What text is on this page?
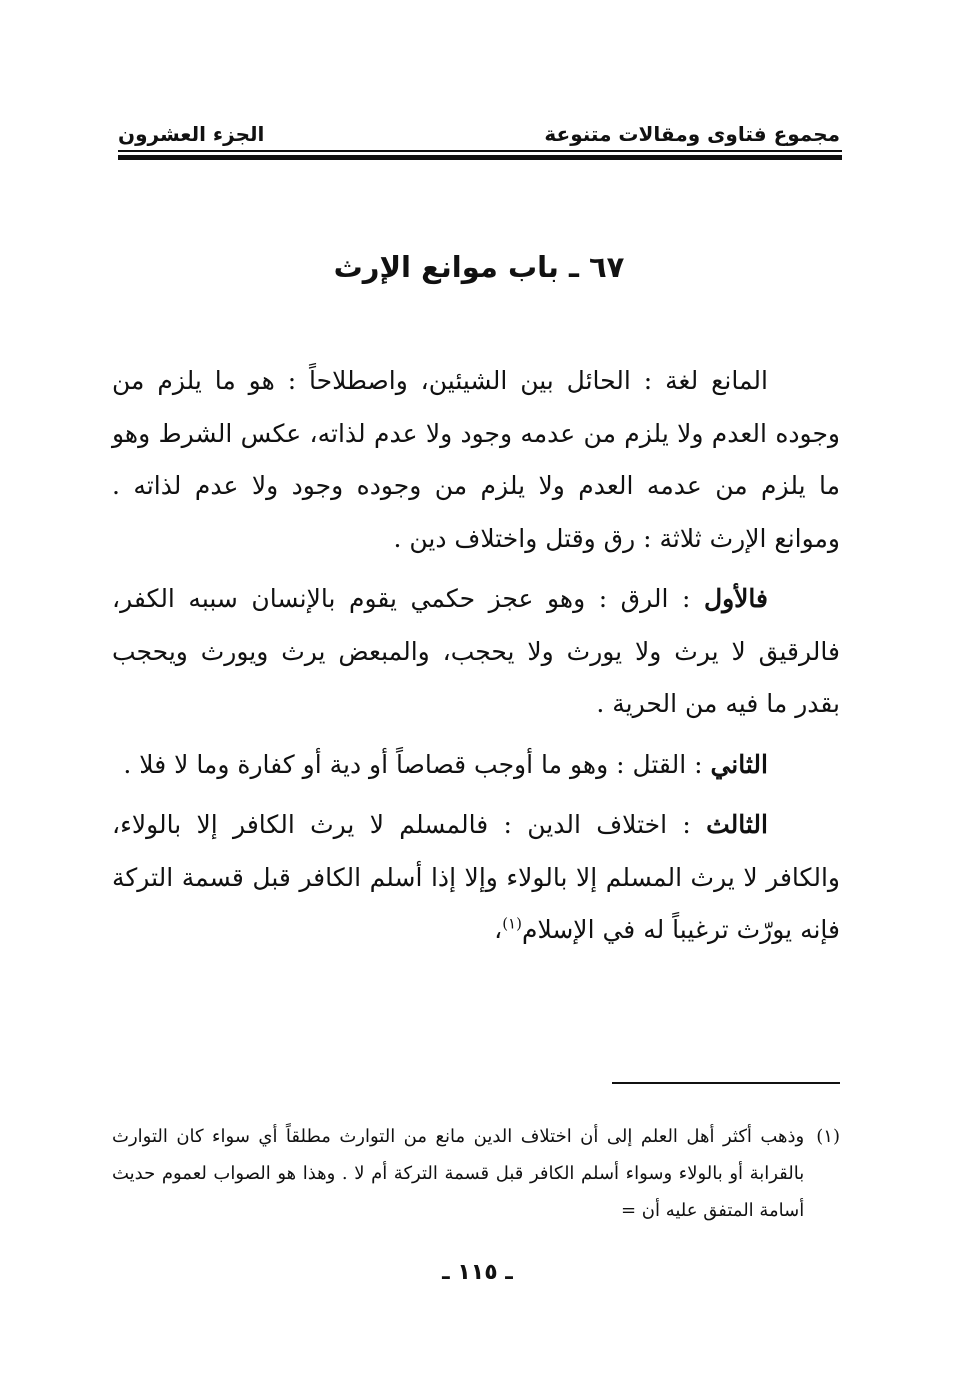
مجموع فتاوى ومقالات متنوعة
الجزء العشرون
٦٧ ـ باب موانع الإرث

المانع لغة : الحائل بين الشيئين، واصطلاحاً : هو ما يلزم من وجوده العدم ولا يلزم من عدمه وجود ولا عدم لذاته، عكس الشرط وهو ما يلزم من عدمه العدم ولا يلزم من وجوده وجود ولا عدم لذاته . وموانع الإرث ثلاثة : رق وقتل واختلاف دين .

فالأول : الرق : وهو عجز حكمي يقوم بالإنسان سببه الكفر، فالرقيق لا يرث ولا يورث ولا يحجب، والمبعض يرث ويورث ويحجب بقدر ما فيه من الحرية .

الثاني : القتل : وهو ما أوجب قصاصاً أو دية أو كفارة وما لا فلا .

الثالث : اختلاف الدين : فالمسلم لا يرث الكافر إلا بالولاء، والكافر لا يرث المسلم إلا بالولاء وإلا إذا أسلم الكافر قبل قسمة التركة فإنه يورّث ترغيباً له في الإسلام$^{(١)}$،

(١)
وذهب أكثر أهل العلم إلى أن اختلاف الدين مانع من التوارث مطلقاً أي سواء كان التوارث بالقرابة أو بالولاء وسواء أسلم الكافر قبل قسمة التركة أم لا . وهذا هو الصواب لعموم حديث أسامة المتفق عليه أن =
ـ ١١٥ ـ
